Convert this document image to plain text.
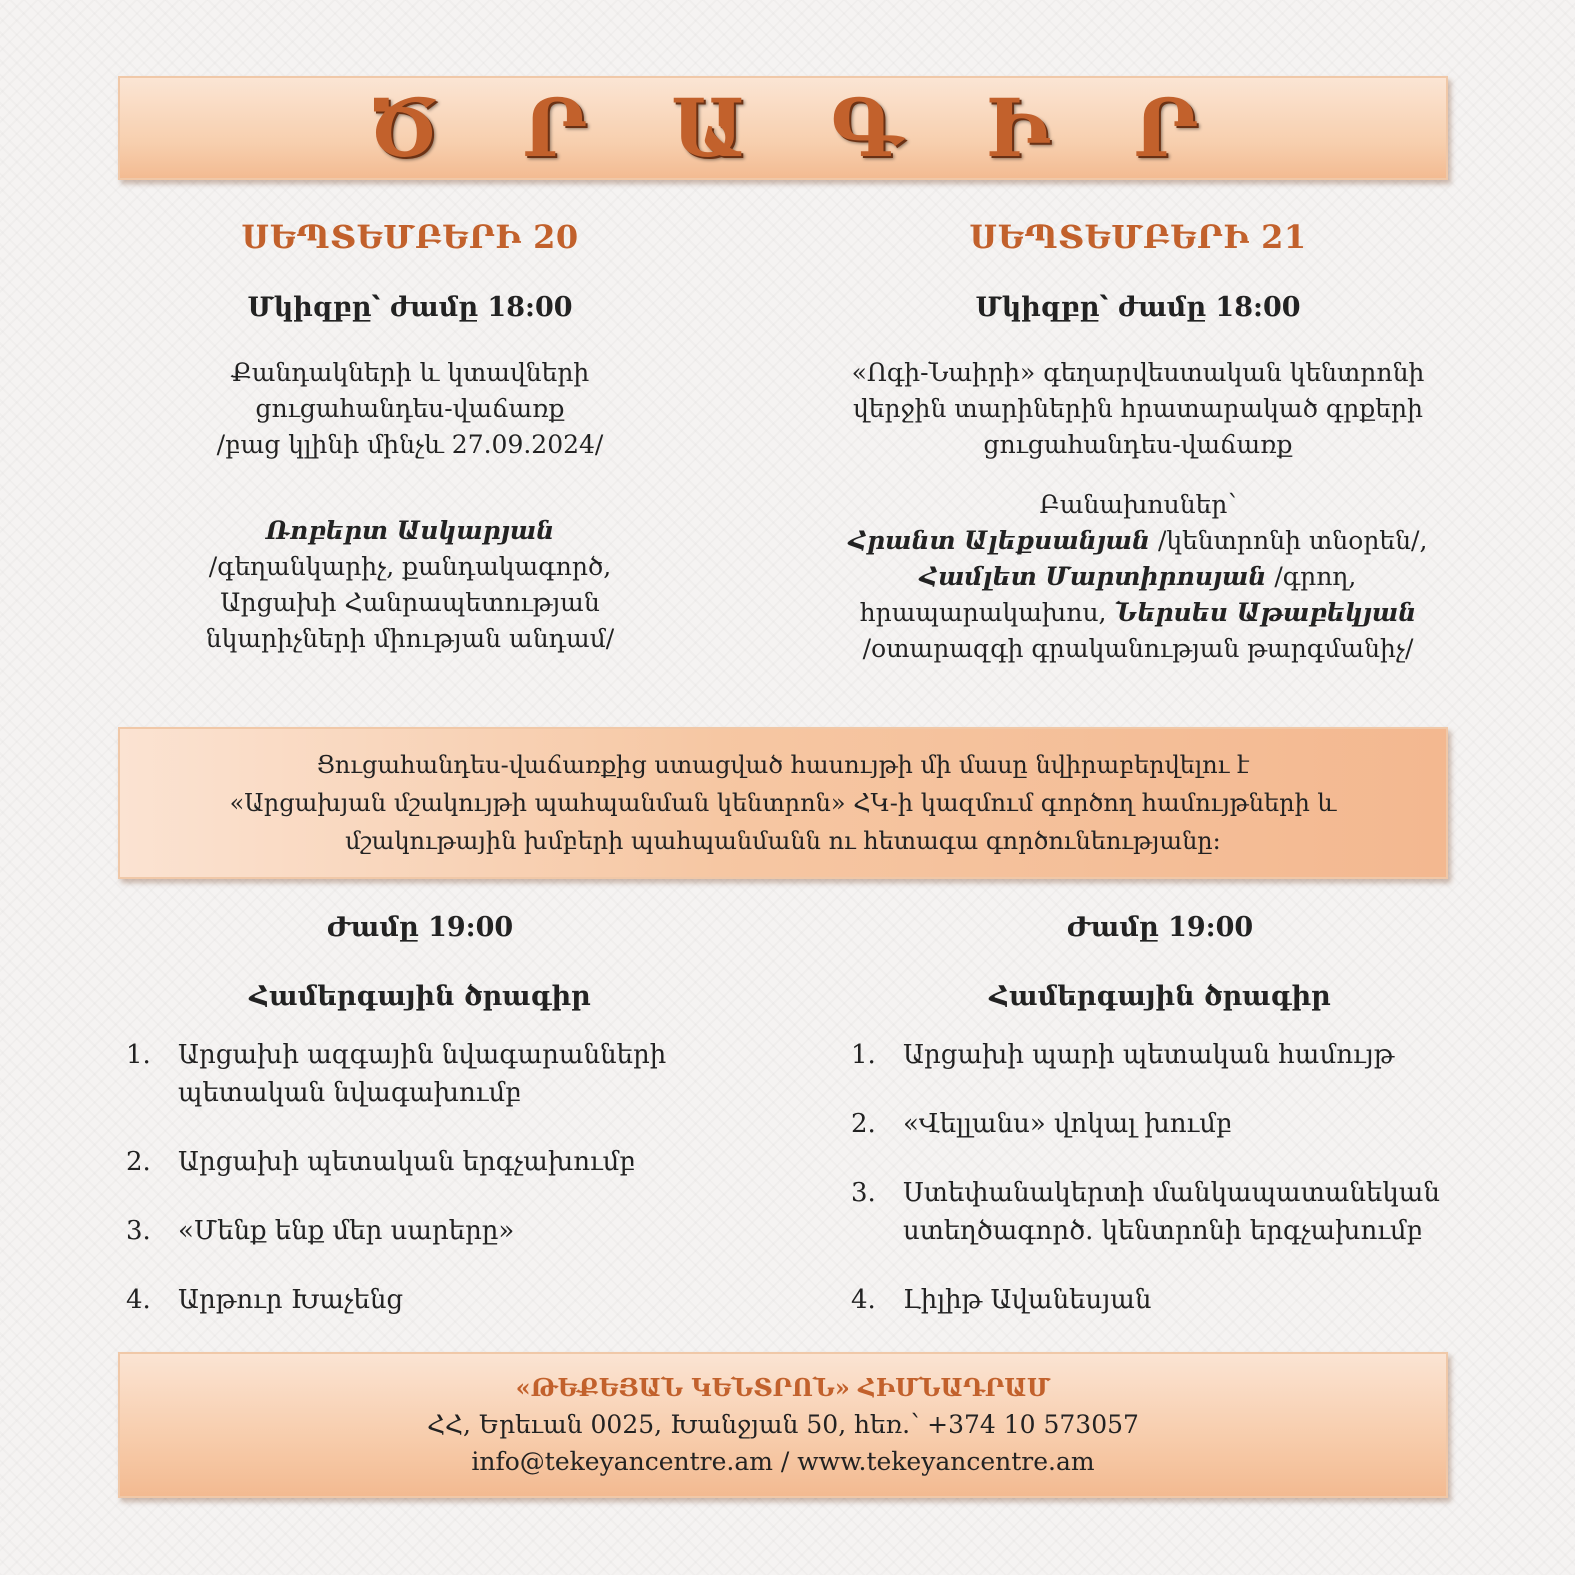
Ծ Ր Ա Գ Ի Ր
ՍԵՊՏԵՄԲԵՐԻ 20
Մկիզբը՝ ժամը 18:00

Քանդակների և կտավների
ցուցահանդես-վաճառք
/բաց կլինի մինչև 27.09.2024/

Ռոբերտ Ասկարյան
/գեղանկարիչ, քանդակագործ,
Արցախի Հանրապետության
նկարիչների միության անդամ/

ՍԵՊՏԵՄԲԵՐԻ 21
Մկիզբը՝ ժամը 18:00

«Ոգի-Նաիրի» գեղարվեստական կենտրոնի
վերջին տարիներին հրատարակած գրքերի
ցուցահանդես-վաճառք

Բանախոսներ՝
Հրանտ Ալեքսանյան /կենտրոնի տնօրեն/,
Համլետ Մարտիրոսյան /գրող,
հրապարակախոս, Ներսես Աթաբեկյան
/օտարազգի գրականության թարգմանիչ/

Ցուցահանդես-վաճառքից ստացված հասույթի մի մասը նվիրաբերվելու է
«Արցախյան մշակույթի պահպանման կենտրոն» ՀԿ-ի կազմում գործող համույթների և
մշակութային խմբերի պահպանմանն ու հետագա գործունեությանը։
Ժամը 19:00
Համերգային ծրագիր
1.	Արցախի ազգային նվագարանների
պետական նվագախումբ
2.	Արցախի պետական երգչախումբ
3.	«Մենք ենք մեր սարերը»
4.	Արթուր Խաչենց
Ժամը 19:00
Համերգային ծրագիր
1.	Արցախի պարի պետական համույթ
2.	«Վելլանս» վոկալ խումբ
3.	Ստեփանակերտի մանկապատանեկան
ստեղծագործ. կենտրոնի երգչախումբ
4.	Լիլիթ Ավանեսյան
«ԹԵՔԵՅԱՆ ԿԵՆՏՐՈՆ» ՀԻՄՆԱԴՐԱՄ
ՀՀ, Երեւան 0025, Խանջյան 50, հեռ.՝ +374 10 573057
info@tekeyancentre.am / www.tekeyancentre.am
